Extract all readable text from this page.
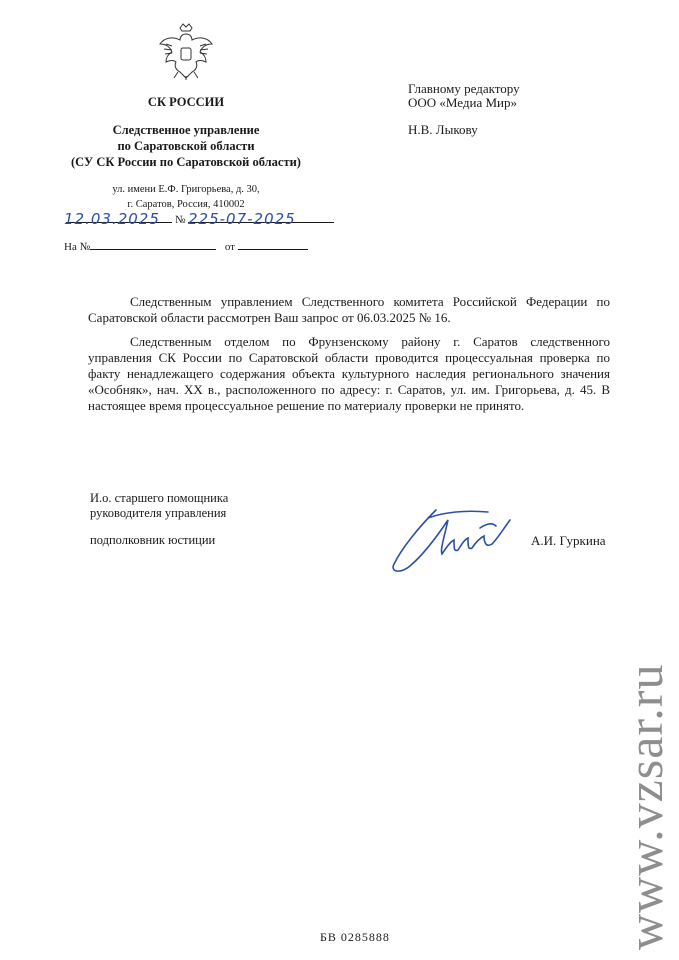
СК РОССИИ
Следственное управление
по Саратовской области
(СУ СК России по Саратовской области)
ул. имени Е.Ф. Григорьева, д. 30,
г. Саратов, Россия, 410002
12.03.2025 № 225-07-2025
На №	от
Главному редактору
ООО «Медиа Мир»
Н.В. Лыкову

Следственным управлением Следственного комитета Российской Федерации по Саратовской области рассмотрен Ваш запрос от 06.03.2025 № 16.

Следственным отделом по Фрунзенскому району г. Саратов следственного управления СК России по Саратовской области проводится процессуальная проверка по факту ненадлежащего содержания объекта культурного наследия регионального значения «Особняк», нач. XX в., расположенного по адресу: г. Саратов, ул. им. Григорьева, д. 45. В настоящее время процессуальное решение по материалу проверки не принято.

И.о. старшего помощника
руководителя управления
подполковник юстиции	А.И. Гуркина
www.vzsar.ru
БВ 0285888
